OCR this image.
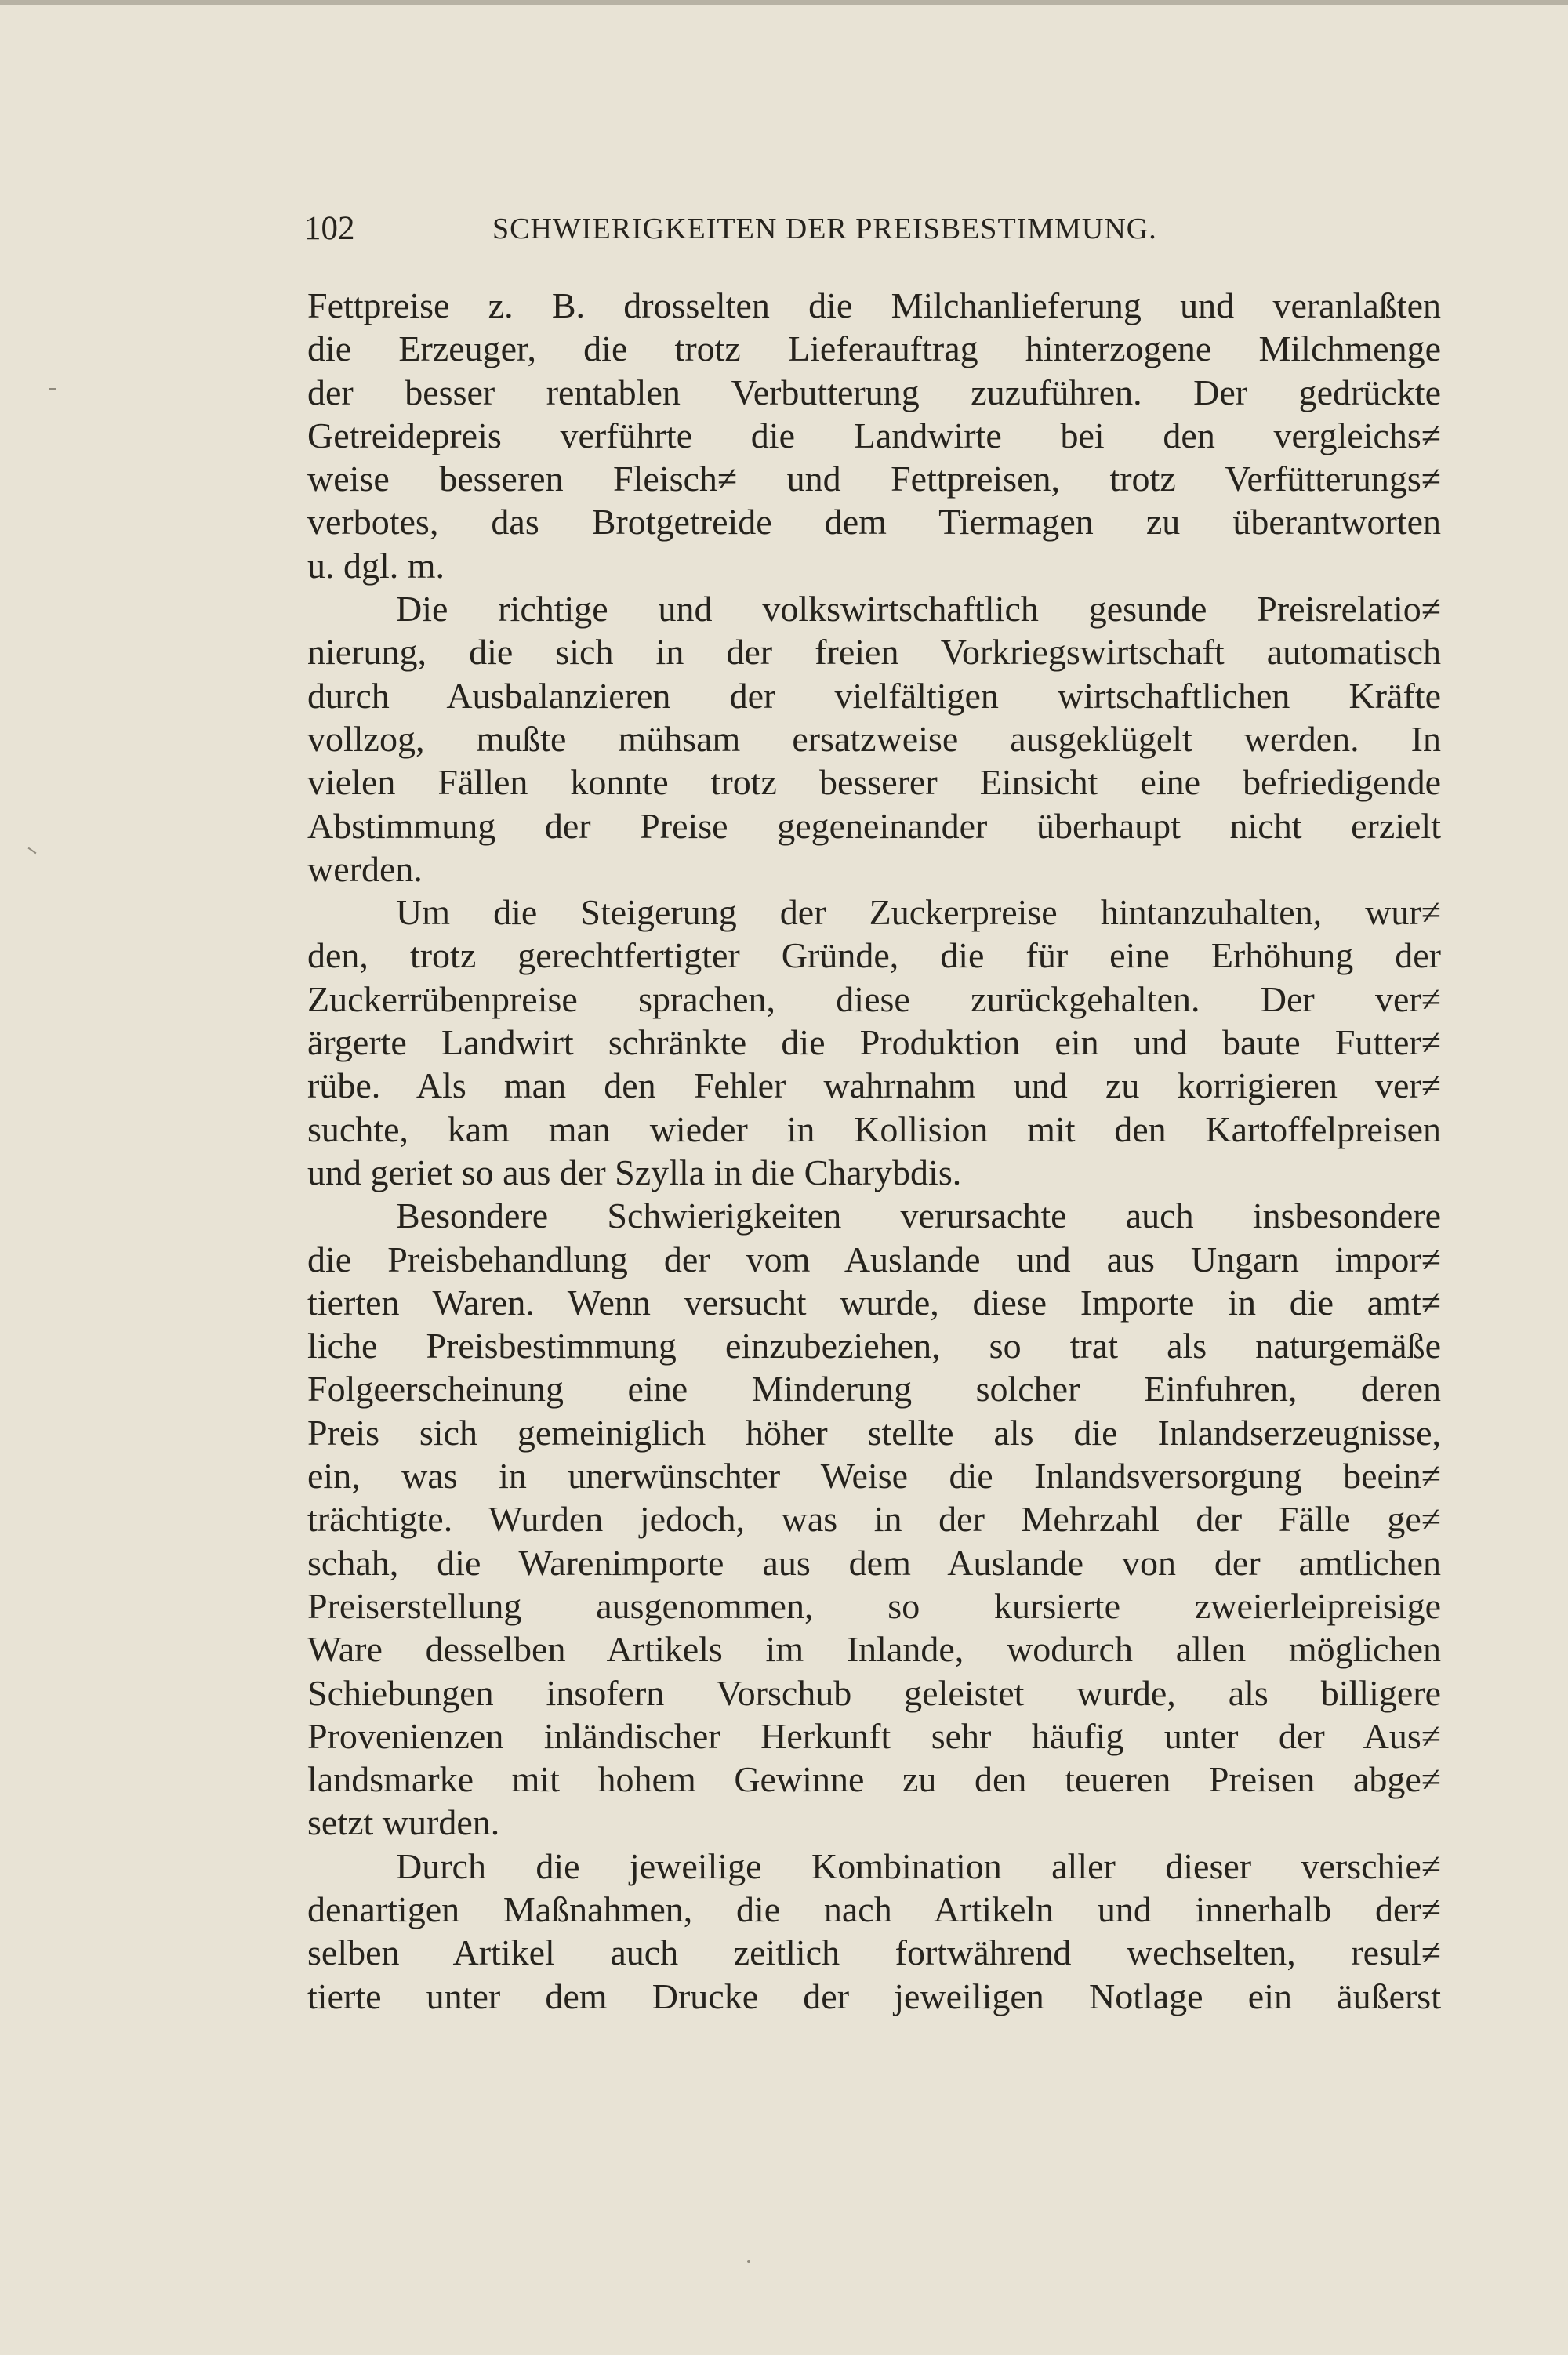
102	SCHWIERIGKEITEN DER PREISBESTIMMUNG.
Fettpreise z. B. drosselten die Milchanlieferung und veranlaßten
die Erzeuger, die trotz Lieferauftrag hinterzogene Milchmenge
der besser rentablen Verbutterung zuzuführen. Der gedrückte
Getreidepreis verführte die Landwirte bei den vergleichs≠
weise besseren Fleisch≠ und Fettpreisen, trotz Verfütterungs≠
verbotes, das Brotgetreide dem Tiermagen zu überantworten
u. dgl. m.
Die richtige und volkswirtschaftlich gesunde Preisrelatio≠
nierung, die sich in der freien Vorkriegswirtschaft automatisch
durch Ausbalanzieren der vielfältigen wirtschaftlichen Kräfte
vollzog, mußte mühsam ersatzweise ausgeklügelt werden. In
vielen Fällen konnte trotz besserer Einsicht eine befriedigende
Abstimmung der Preise gegeneinander überhaupt nicht erzielt
werden.
Um die Steigerung der Zuckerpreise hintanzuhalten, wur≠
den, trotz gerechtfertigter Gründe, die für eine Erhöhung der
Zuckerrübenpreise sprachen, diese zurückgehalten. Der ver≠
ärgerte Landwirt schränkte die Produktion ein und baute Futter≠
rübe. Als man den Fehler wahrnahm und zu korrigieren ver≠
suchte, kam man wieder in Kollision mit den Kartoffelpreisen
und geriet so aus der Szylla in die Charybdis.
Besondere Schwierigkeiten verursachte auch insbesondere
die Preisbehandlung der vom Auslande und aus Ungarn impor≠
tierten Waren. Wenn versucht wurde, diese Importe in die amt≠
liche Preisbestimmung einzubeziehen, so trat als naturgemäße
Folgeerscheinung eine Minderung solcher Einfuhren, deren
Preis sich gemeiniglich höher stellte als die Inlandserzeugnisse,
ein, was in unerwünschter Weise die Inlandsversorgung beein≠
trächtigte. Wurden jedoch, was in der Mehrzahl der Fälle ge≠
schah, die Warenimporte aus dem Auslande von der amtlichen
Preiserstellung ausgenommen, so kursierte zweierleipreisige
Ware desselben Artikels im Inlande, wodurch allen möglichen
Schiebungen insofern Vorschub geleistet wurde, als billigere
Provenienzen inländischer Herkunft sehr häufig unter der Aus≠
landsmarke mit hohem Gewinne zu den teueren Preisen abge≠
setzt wurden.
Durch die jeweilige Kombination aller dieser verschie≠
denartigen Maßnahmen, die nach Artikeln und innerhalb der≠
selben Artikel auch zeitlich fortwährend wechselten, resul≠
tierte unter dem Drucke der jeweiligen Notlage ein äußerst
